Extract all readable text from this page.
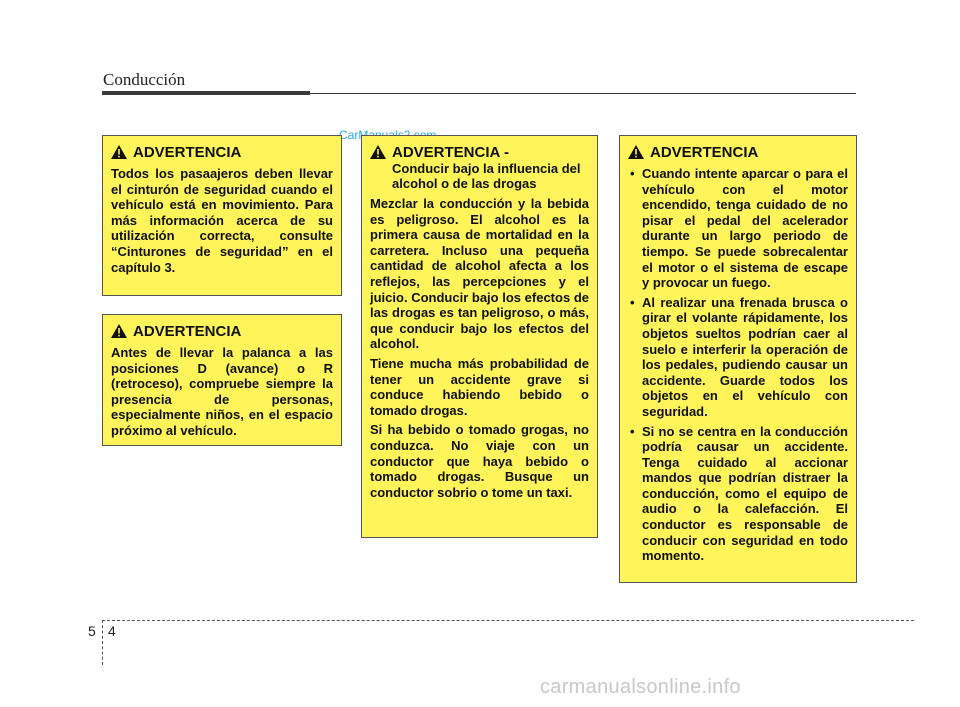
Conducción
ADVERTENCIA

Todos los pasaajeros deben llevar el cinturón de seguridad cuando el vehículo está en movimiento. Para más información acerca de su utilización correcta, consulte “Cinturones de seguridad” en el capítulo 3.

ADVERTENCIA

Antes de llevar la palanca a las posiciones D (avance) o R (retroceso), compruebe siempre la presencia de personas, especialmente niños, en el espacio próximo al vehículo.

ADVERTENCIA -
Conducir bajo la influencia del alcohol o de las drogas

Mezclar la conducción y la bebida es peligroso. El alcohol es la primera causa de mortalidad en la carretera. Incluso una pequeña cantidad de alcohol afecta a los reflejos, las percepciones y el juicio. Conducir bajo los efectos de las drogas es tan peligroso, o más, que conducir bajo los efectos del alcohol.

Tiene mucha más probabilidad de tener un accidente grave si conduce habiendo bebido o tomado drogas.

Si ha bebido o tomado grogas, no conduzca. No viaje con un conductor que haya bebido o tomado drogas. Busque un conductor sobrio o tome un taxi.

ADVERTENCIA
• Cuando intente aparcar o para el vehículo con el motor encendido, tenga cuidado de no pisar el pedal del acelerador durante un largo periodo de tiempo. Se puede sobrecalentar el motor o el sistema de escape y provocar un fuego.
• Al realizar una frenada brusca o girar el volante rápidamente, los objetos sueltos podrían caer al suelo e interferir la operación de los pedales, pudiendo causar un accidente. Guarde todos los objetos en el vehículo con seguridad.
• Si no se centra en la conducción podría causar un accidente. Tenga cuidado al accionar mandos que podrían distraer la conducción, como el equipo de audio o la calefacción. El conductor es responsable de conducir con seguridad en todo momento.
5 4
carmanualsonline.info
